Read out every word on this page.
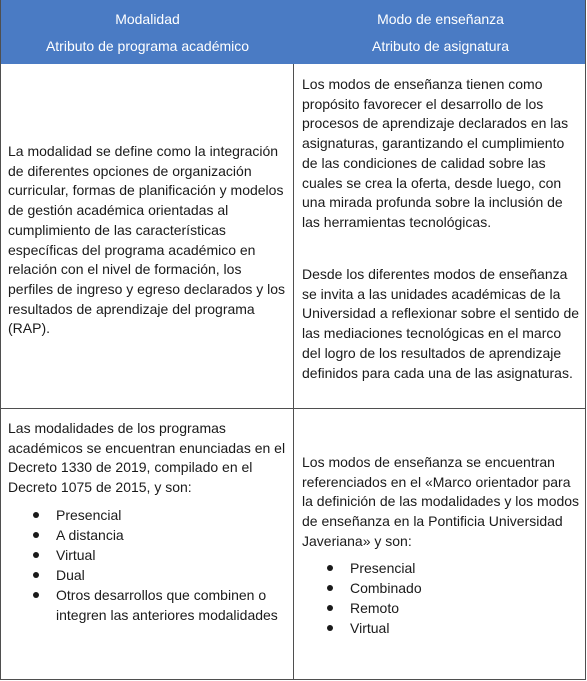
Modalidad
Atributo de programa académico
Modo de enseñanza
Atributo de asignatura

La modalidad se define como la integración de diferentes opciones de organización curricular, formas de planificación y modelos de gestión académica orientadas al cumplimiento de las características específicas del programa académico en relación con el nivel de formación, los perfiles de ingreso y egreso declarados y los resultados de aprendizaje del programa (RAP).

Los modos de enseñanza tienen como propósito favorecer el desarrollo de los procesos de aprendizaje declarados en las asignaturas, garantizando el cumplimiento de las condiciones de calidad sobre las cuales se crea la oferta, desde luego, con una mirada profunda sobre la inclusión de las herramientas tecnológicas.

Desde los diferentes modos de enseñanza se invita a las unidades académicas de la Universidad a reflexionar sobre el sentido de las mediaciones tecnológicas en el marco del logro de los resultados de aprendizaje definidos para cada una de las asignaturas.

Las modalidades de los programas académicos se encuentran enunciadas en el Decreto 1330 de 2019, compilado en el Decreto 1075 de 2015, y son:

Presencial
A distancia
Virtual
Dual
Otros desarrollos que combinen o integren las anteriores modalidades

Los modos de enseñanza se encuentran referenciados en el «Marco orientador para la definición de las modalidades y los modos de enseñanza en la Pontificia Universidad Javeriana» y son:

Presencial
Combinado
Remoto
Virtual
